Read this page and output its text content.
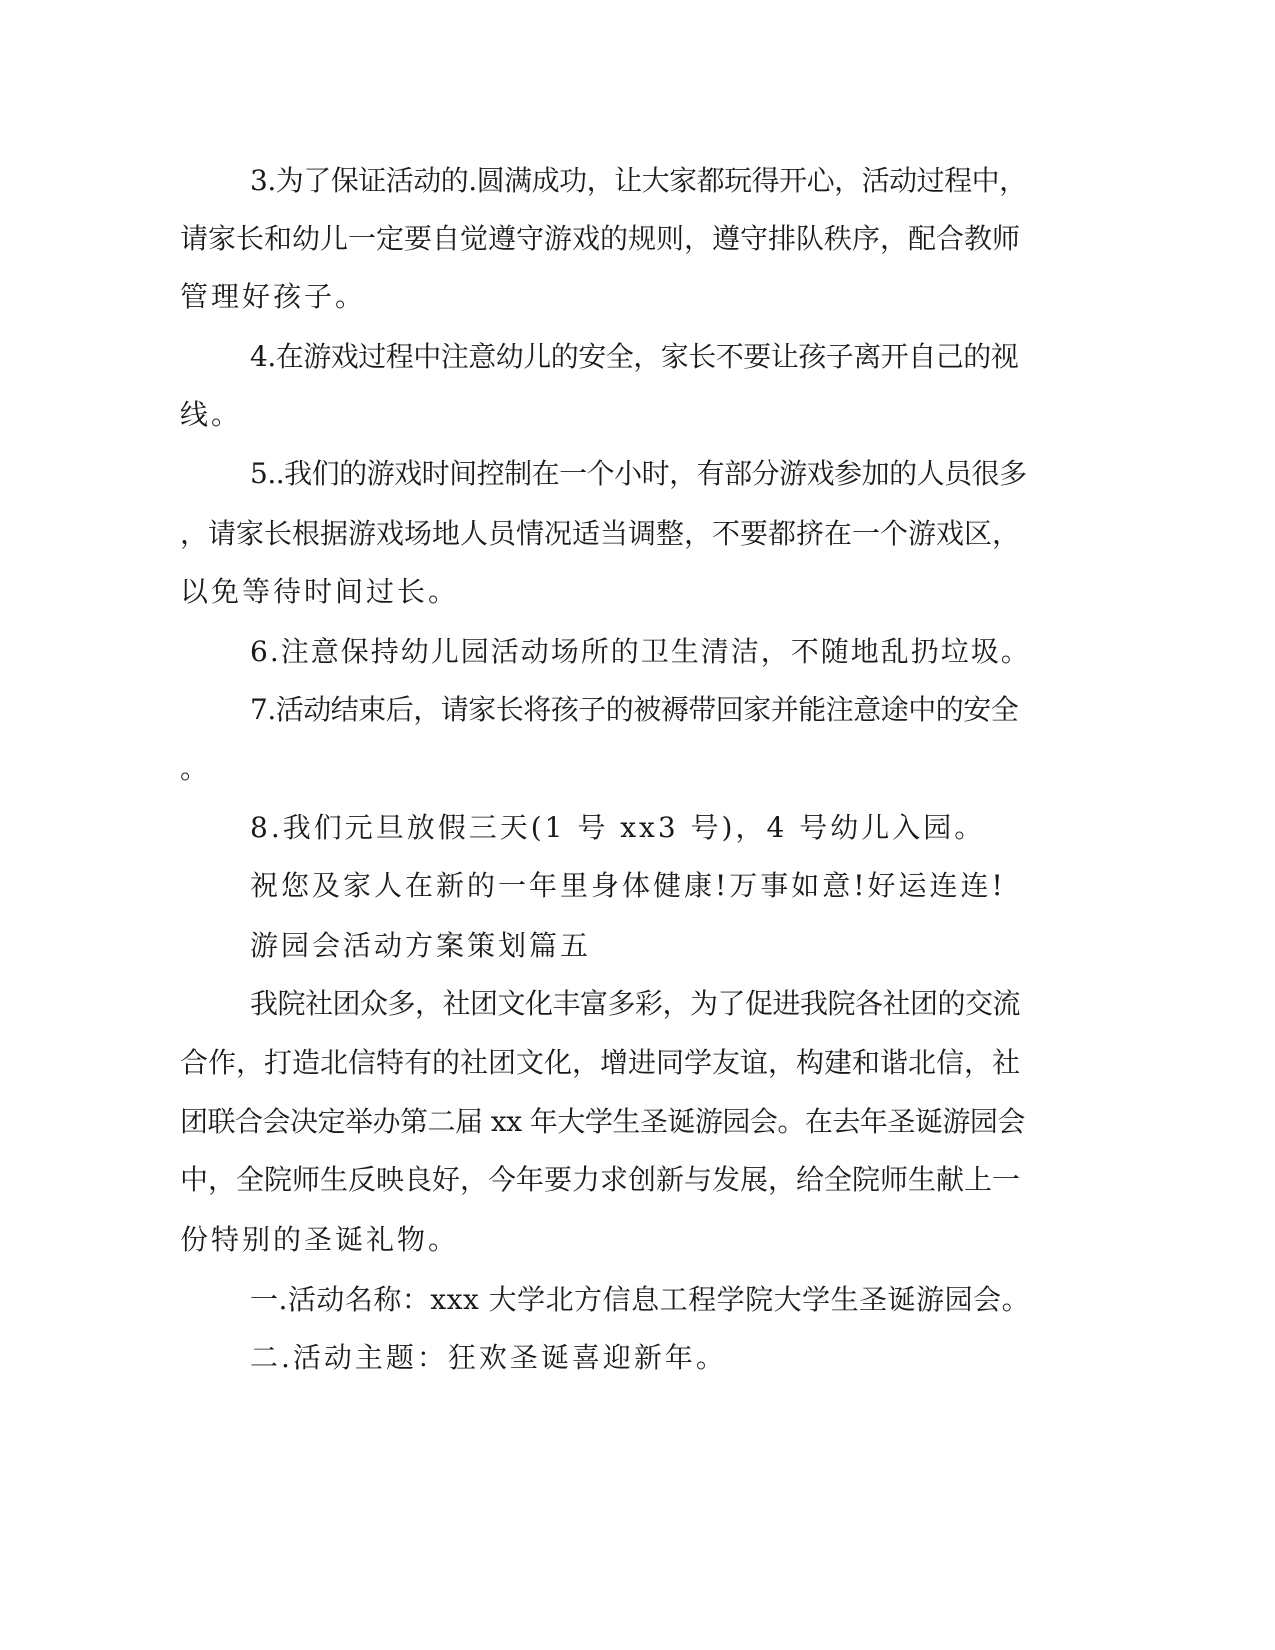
3.为了保证活动的.圆满成功，让大家都玩得开心，活动过程中，
请家长和幼儿一定要自觉遵守游戏的规则，遵守排队秩序，配合教师
管理好孩子。
4.在游戏过程中注意幼儿的安全，家长不要让孩子离开自己的视
线。
5..我们的游戏时间控制在一个小时，有部分游戏参加的人员很多
，请家长根据游戏场地人员情况适当调整，不要都挤在一个游戏区，
以免等待时间过长。
6.注意保持幼儿园活动场所的卫生清洁，不随地乱扔垃圾。
7.活动结束后，请家长将孩子的被褥带回家并能注意途中的安全
。
8.我们元旦放假三天(1 号 xx3 号)，4 号幼儿入园。
祝您及家人在新的一年里身体健康!万事如意!好运连连!
游园会活动方案策划篇五
我院社团众多，社团文化丰富多彩，为了促进我院各社团的交流
合作，打造北信特有的社团文化，增进同学友谊，构建和谐北信，社
团联合会决定举办第二届 xx 年大学生圣诞游园会。在去年圣诞游园会
中，全院师生反映良好，今年要力求创新与发展，给全院师生献上一
份特别的圣诞礼物。
一.活动名称：xxx 大学北方信息工程学院大学生圣诞游园会。
二.活动主题：狂欢圣诞喜迎新年。
